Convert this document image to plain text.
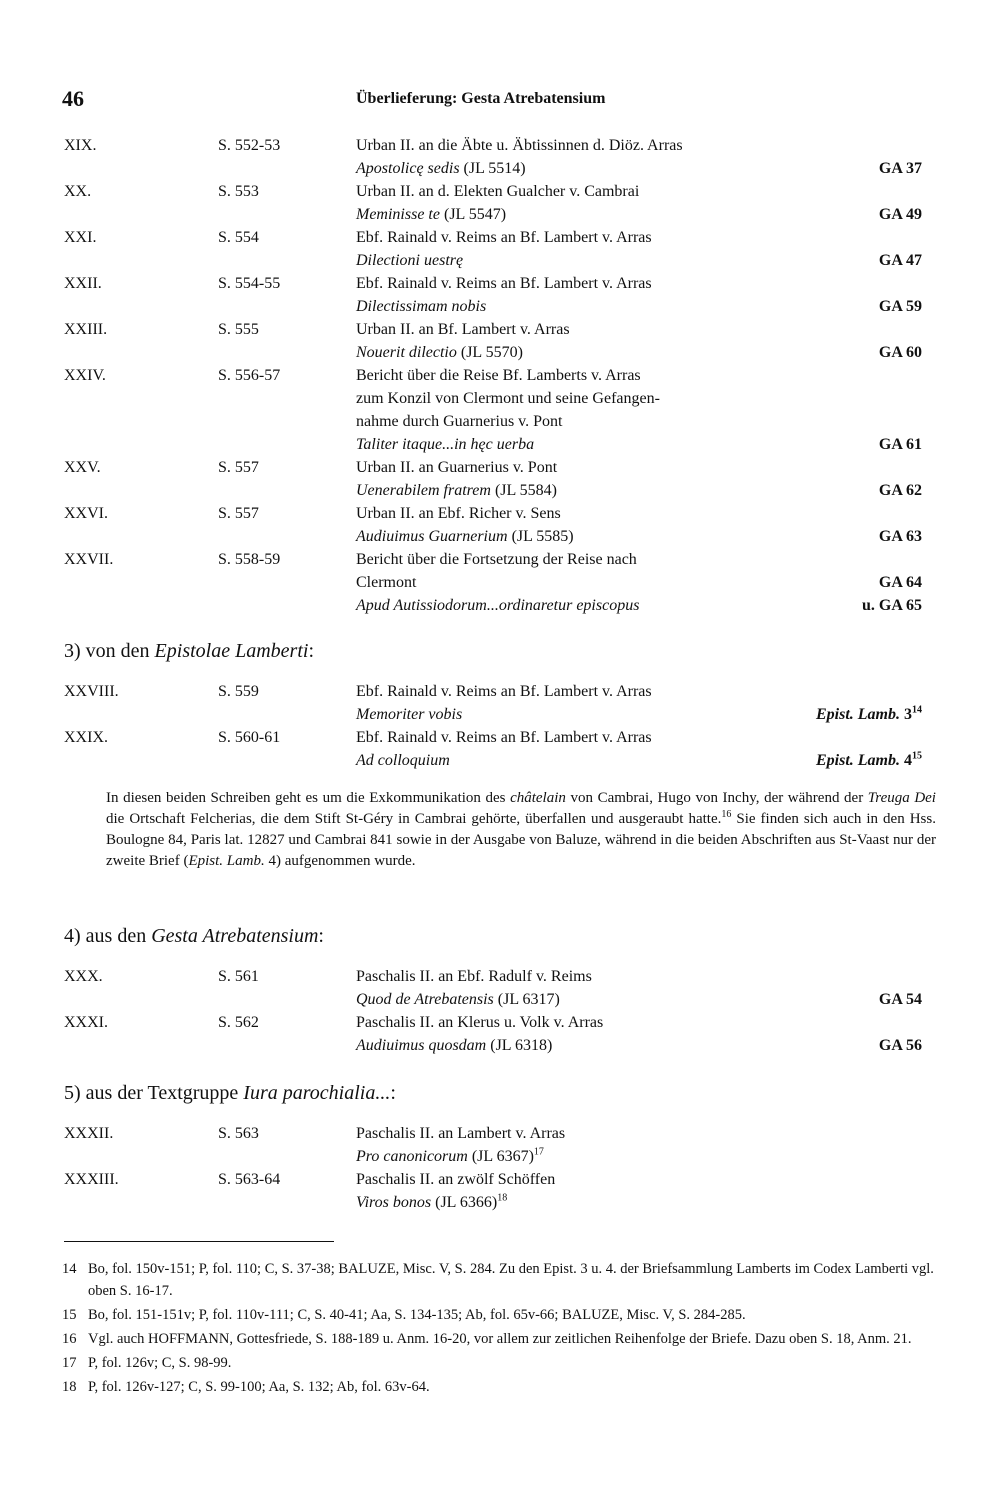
46	Überlieferung: Gesta Atrebatensium
XIX.	S. 552-53	Urban II. an die Äbte u. Äbtissinnen d. Diöz. Arras
Apostolicę sedis (JL 5514)	GA 37
XX.	S. 553	Urban II. an d. Elekten Gualcher v. Cambrai
Meminisse te (JL 5547)	GA 49
XXI.	S. 554	Ebf. Rainald v. Reims an Bf. Lambert v. Arras
Dilectioni uestrę	GA 47
XXII.	S. 554-55	Ebf. Rainald v. Reims an Bf. Lambert v. Arras
Dilectissimam nobis	GA 59
XXIII.	S. 555	Urban II. an Bf. Lambert v. Arras
Nouerit dilectio (JL 5570)	GA 60
XXIV.	S. 556-57	Bericht über die Reise Bf. Lamberts v. Arras
zum Konzil von Clermont und seine Gefangen-
nahme durch Guarnerius v. Pont
Taliter itaque...in hęc uerba	GA 61
XXV.	S. 557	Urban II. an Guarnerius v. Pont
Uenerabilem fratrem (JL 5584)	GA 62
XXVI.	S. 557	Urban II. an Ebf. Richer v. Sens
Audiuimus Guarnerium (JL 5585)	GA 63
XXVII.	S. 558-59	Bericht über die Fortsetzung der Reise nach
Clermont	GA 64
Apud Autissiodorum...ordinaretur episcopus	u. GA 65
3) von den Epistolae Lamberti:
XXVIII.	S. 559	Ebf. Rainald v. Reims an Bf. Lambert v. Arras
Memoriter vobis	Epist. Lamb. $3^{14}$
XXIX.	S. 560-61	Ebf. Rainald v. Reims an Bf. Lambert v. Arras
Ad colloquium	Epist. Lamb. $4^{15}$
In diesen beiden Schreiben geht es um die Exkommunikation des châtelain von Cambrai, Hugo von Inchy, der während der Treuga Dei die Ortschaft Felcherias, die dem Stift St-Géry in Cambrai gehörte, überfallen und ausgeraubt hatte.$^{16}$ Sie finden sich auch in den Hss. Boulogne 84, Paris lat. 12827 und Cambrai 841 sowie in der Ausgabe von Baluze, während in die beiden Abschriften aus St-Vaast nur der zweite Brief (Epist. Lamb. 4) aufgenommen wurde.
4) aus den Gesta Atrebatensium:
XXX.	S. 561	Paschalis II. an Ebf. Radulf v. Reims
Quod de Atrebatensis (JL 6317)	GA 54
XXXI.	S. 562	Paschalis II. an Klerus u. Volk v. Arras
Audiuimus quosdam (JL 6318)	GA 56
5) aus der Textgruppe Iura parochialia...:
XXXII.	S. 563	Paschalis II. an Lambert v. Arras
Pro canonicorum (JL 6367)$^{17}$
XXXIII.	S. 563-64	Paschalis II. an zwölf Schöffen
Viros bonos (JL 6366)$^{18}$
14 Bo, fol. 150v-151; P, fol. 110; C, S. 37-38; BALUZE, Misc. V, S. 284. Zu den Epist. 3 u. 4. der Briefsammlung Lamberts im Codex Lamberti vgl. oben S. 16-17.
15 Bo, fol. 151-151v; P, fol. 110v-111; C, S. 40-41; Aa, S. 134-135; Ab, fol. 65v-66; BALUZE, Misc. V, S. 284-285.
16 Vgl. auch HOFFMANN, Gottesfriede, S. 188-189 u. Anm. 16-20, vor allem zur zeitlichen Reihenfolge der Briefe. Dazu oben S. 18, Anm. 21.
17 P, fol. 126v; C, S. 98-99.
18 P, fol. 126v-127; C, S. 99-100; Aa, S. 132; Ab, fol. 63v-64.
